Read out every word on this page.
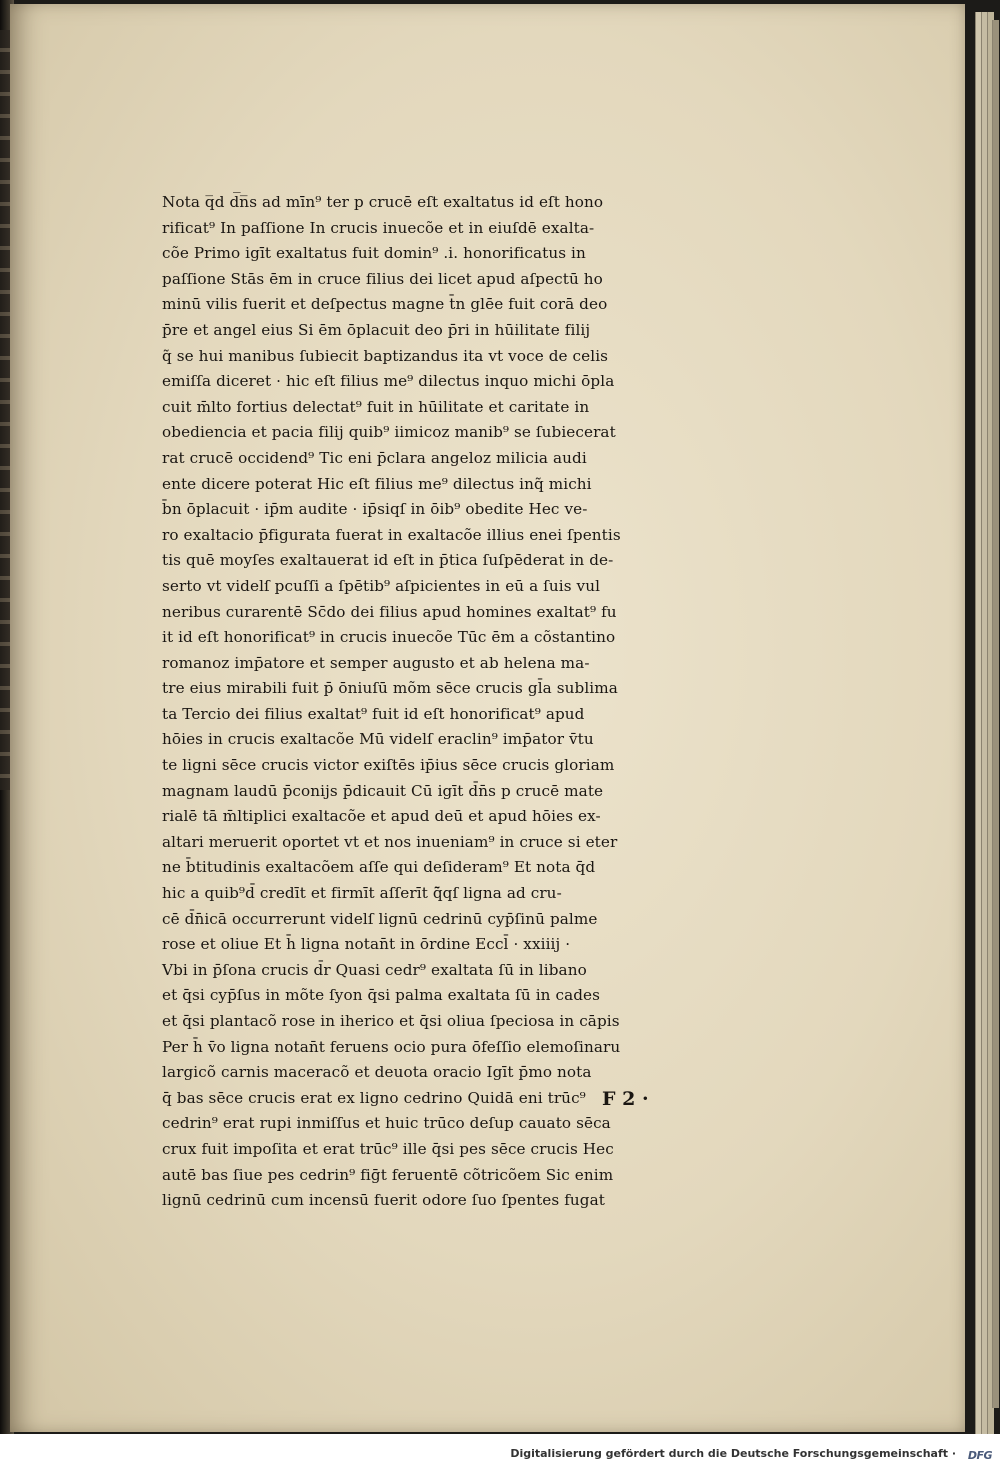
Nota q̅d d̅n̅s ad mīn⁹ ter p crucē eſt exaltatus id eſt hono
rificat⁹ In paſſione In crucis inuecõe et in eiuſdē exalta-
cõe Primo igīt exaltatus fuit domin⁹ .i. honorificatus in
paſſione Stās ēm in cruce filius dei licet apud aſpectū ho
minū vilis fuerit et deſpectus magne t̄n glēe fuit corā deo
p̄re et angel eius Si ēm ōplacuit deo p̄ri in hūilitate filij
q̃ se hui manibus ſubiecit baptizandus ita vt voce de celis
emiſſa diceret · hic eſt filius me⁹ dilectus inquo michi ōpla
cuit m̄lto fortius delectat⁹ fuit in hūilitate et caritate in
obediencia et pacia filij quib⁹ iimicoz manib⁹ se ſubiecerat
rat crucē occidend⁹ Tic eni p̄clara angeloz milicia audi
ente dicere poterat Hic eſt filius me⁹ dilectus inq̃ michi
b̄n ōplacuit · ip̄m audite · ip̄siqſ in ōib⁹ obedite Hec ve-
ro exaltacio p̄figurata fuerat in exaltacõe illius enei ſpentis
tis quē moyſes exaltauerat id eſt in p̄tica ſuſpēderat in de-
serto vt videlſ pcuſſi a ſpētib⁹ aſpicientes in eū a ſuis vul
neribus curarentē Sc̄do dei filius apud homines exaltat⁹ fu
it id eſt honorificat⁹ in crucis inuecõe Tūc ēm a cõstantino
romanoz imp̄atore et semper augusto et ab helena ma-
tre eius mirabili fuit p̄ ōniuſū mõm sēce crucis gl̄a sublima
ta Tercio dei filius exaltat⁹ fuit id eſt honorificat⁹ apud
hōies in crucis exaltacõe Mū videlſ eraclin⁹ imp̄ator v̄tu
te ligni sēce crucis victor exiſtēs ip̄ius sēce crucis gloriam
magnam laudū p̄conijs p̄dicauit Cū igīt d̄n̄s p crucē mate
rialē tā m̄ltiplici exaltacõe et apud deū et apud hōies ex-
altari meruerit oportet vt et nos inueniam⁹ in cruce si eter
ne b̄titudinis exaltacõem aſſe qui deſideram⁹ Et nota q̄d
hic a quib⁹d̄ credīt et firmīt aſſerīt q̃̄qſ ligna ad cru-
cē d̄n̄icā occurrerunt videlſ lignū cedrinū cyp̄ſinū palme
rose et oliue Et h̄ ligna notan̄t in ōrdine Eccl̄ · xxiiij ·
Vbi in p̄ſona crucis d̄r Quasi cedr⁹ exaltata ſū in libano
et q̄si cyp̄ſus in mõte ſyon q̄si palma exaltata ſū in cades
et q̄si plantacõ rose in iherico et q̄si oliua ſpeciosa in cāpis
Per h̄ v̄o ligna notan̄t feruens ocio pura ōfeſſio elemoſinaru
largicõ carnis maceracõ et deuota oracio Igīt p̄mo nota
q̄ bas sēce crucis erat ex ligno cedrino Quidā eni trūc⁹
cedrin⁹ erat rupi inmiſſus et huic trūco deſup cauato sēca
crux fuit impoſita et erat trūc⁹ ille q̄si pes sēce crucis Hec
autē bas ſiue pes cedrin⁹ fiḡt feruentē cõtricõem Sic enim
lignū cedrinū cum incensū fuerit odore ſuo ſpentes fugat
F 2 ·
Digitalisierung gefördert durch die Deutsche Forschungsgemeinschaft · DFG
